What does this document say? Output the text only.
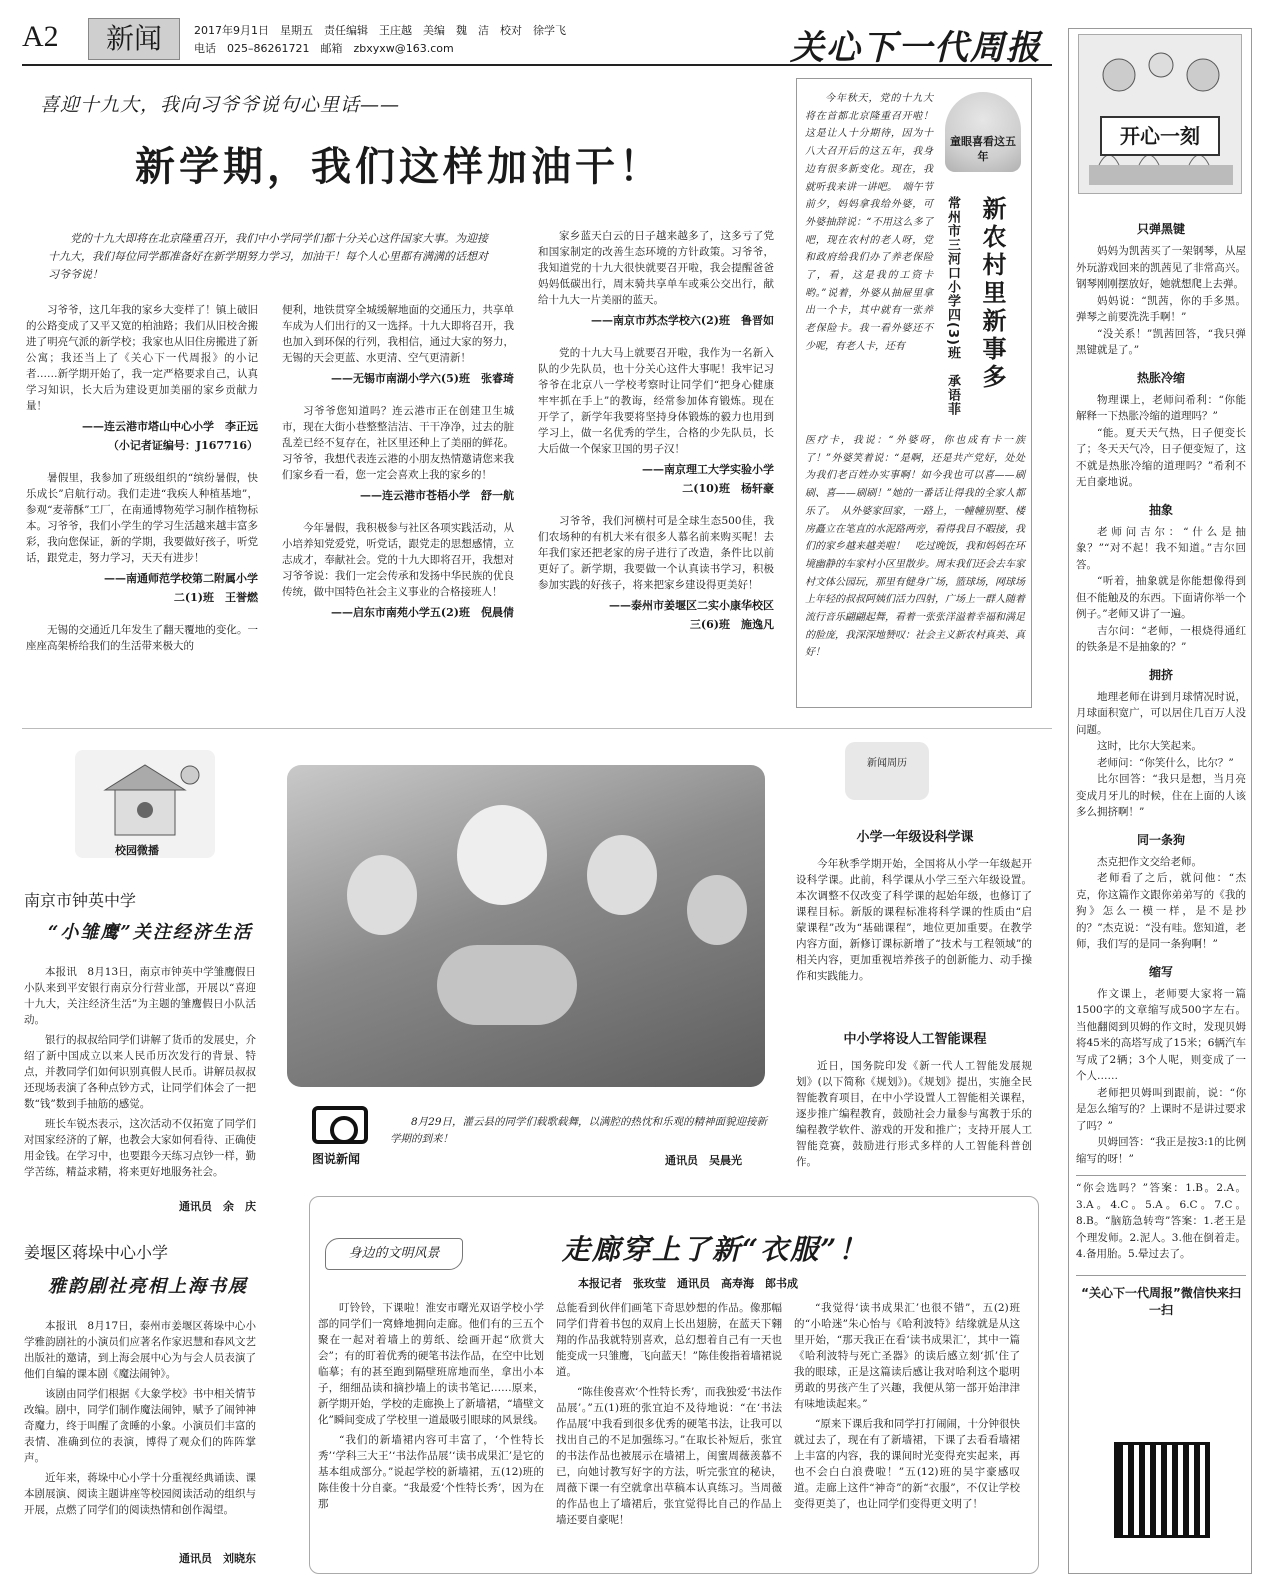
A2	新闻	2017年9月1日　星期五　责任编辑　王庄越　美编　魏　洁　校对　徐学飞
电话　025–86261721　邮箱　zbxyxw@163.com	关心下一代周报
喜迎十九大，我向习爷爷说句心里话——
新学期，我们这样加油干！
党的十九大即将在北京隆重召开，我们中小学同学们都十分关心这件国家大事。为迎接十九大，我们每位同学都准备好在新学期努力学习，加油干！每个人心里都有满满的话想对习爷爷说！

习爷爷，这几年我的家乡大变样了！镇上破旧的公路变成了又平又宽的柏油路；我们从旧校舍搬进了明亮气派的新学校；我家也从旧住房搬进了新公寓；我还当上了《关心下一代周报》的小记者……新学期开始了，我一定严格要求自己，认真学习知识，长大后为建设更加美丽的家乡贡献力量！

——连云港市塔山中心小学　李正远

（小记者证编号：J167716）

暑假里，我参加了班级组织的“缤纷暑假，快乐成长”启航行动。我们走进“我疾人种植基地”，参观“麦蒂酥”工厂，在南通博物苑学习制作植物标本。习爷爷，我们小学生的学习生活越来越丰富多彩，我向您保证，新的学期，我要做好孩子，听党话，跟党走，努力学习，天天有进步！

——南通师范学校第二附属小学

二(1)班　王誉燃

无锡的交通近几年发生了翻天覆地的变化。一座座高架桥给我们的生活带来极大的

便利，地铁贯穿全城缓解地面的交通压力，共享单车成为人们出行的又一选择。十九大即将召开，我也加入到环保的行列，我相信，通过大家的努力，无锡的天会更蓝、水更清、空气更清新！

——无锡市南湖小学六(5)班　张睿琦

习爷爷您知道吗？连云港市正在创建卫生城市，现在大街小巷整整洁洁、干干净净，过去的脏乱差已经不复存在，社区里还种上了美丽的鲜花。习爷爷，我想代表连云港的小朋友热情邀请您来我们家乡看一看，您一定会喜欢上我的家乡的！

——连云港市苍梧小学　舒一航

今年暑假，我积极参与社区各项实践活动，从小培养知党爱党，听党话，跟党走的思想感情，立志成才，奉献社会。党的十九大即将召开，我想对习爷爷说：我们一定会传承和发扬中华民族的优良传统，做中国特色社会主义事业的合格接班人！

——启东市南苑小学五(2)班　倪晨倩

家乡蓝天白云的日子越来越多了，这多亏了党和国家制定的改善生态环境的方针政策。习爷爷，我知道党的十九大很快就要召开啦，我会提醒爸爸妈妈低碳出行，周末骑共享单车或乘公交出行，献给十九大一片美丽的蓝天。

——南京市苏杰学校六(2)班　鲁晋如

党的十九大马上就要召开啦，我作为一名新入队的少先队员，也十分关心这件大事呢！我牢记习爷爷在北京八一学校考察时让同学们“把身心健康牢牢抓在手上”的教诲，经常参加体育锻炼。现在开学了，新学年我要将坚持身体锻炼的毅力也用到学习上，做一名优秀的学生，合格的少先队员，长大后做一个保家卫国的男子汉！

——南京理工大学实验小学

二(10)班　杨轩豪

习爷爷，我们河横村可是全球生态500佳，我们农场种的有机大米有很多人慕名前来购买呢！去年我们家还把老家的房子进行了改造，条件比以前更好了。新学期，我要做一个认真读书学习，积极参加实践的好孩子，将来把家乡建设得更美好！

——泰州市姜堰区二实小康华校区

三(6)班　施逸凡

今年秋天，党的十九大将在首都北京隆重召开啦！这是让人十分期待，因为十八大召开后的这五年，我身边有很多新变化。现在，我就听我来讲一讲吧。　端午节前夕，妈妈拿我给外婆，可外婆抽辞说：“不用这么多了吧，现在农村的老人呀，党和政府给我们办了养老保险了，看，这是我的工资卡哟。”说着，外婆从抽屉里拿出一个卡，其中就有一张养老保险卡。我一看外婆还不少呢，有老人卡，还有
医疗卡，我说：“外婆呀，你也成有卡一族了！”外婆笑着说：“是啊，还是共产党好，处处为我们老百姓办实事啊！如今我也可以喜——刷刷、喜——刷刷！”她的一番话让得我的全家人都乐了。　从外婆家回家，一路上，一幢幢别墅、楼房矗立在笔直的水泥路两旁，看得我目不暇接，我们的家乡越来越美啦！　吃过晚饭，我和妈妈在环境幽静的车家村小区里散步。周末我们还会去车家村文体公园玩，那里有健身广场，篮球场，网球场上年轻的叔叔阿姨们活力四射，广场上一群人随着流行音乐翩翩起舞，看着一张张洋溢着幸福和满足的脸庞，我深深地赞叹：社会主义新农村真美、真好！
童眼喜看这五年
常州市三河口小学四(3)班　承语菲 新农村里新事多
开心一刻
只弹黑键

妈妈为凯茜买了一架钢琴，从屋外玩游戏回来的凯茜见了非常高兴。钢琴刚刚摆放好，她就想爬上去弹。

妈妈说：“凯茜，你的手多黑。弹琴之前要洗洗手啊！”

“没关系！”凯茜回答，“我只弹黑键就是了。”

热胀冷缩

物理课上，老师问希利：“你能解释一下热胀冷缩的道理吗？”

“能。夏天天气热，日子便变长了；冬天天气冷，日子便变短了，这不就是热胀冷缩的道理吗？”希利不无自豪地说。

抽象

老师问吉尔：“什么是抽象？”“对不起！我不知道。”吉尔回答。

“听着，抽象就是你能想像得到但不能触及的东西。下面请你举一个例子。”老师又讲了一遍。

吉尔问：“老师，一根烧得通红的铁条是不是抽象的？”

拥挤

地理老师在讲到月球情况时说，月球面积宽广，可以居住几百万人没问题。

这时，比尔大笑起来。

老师问：“你笑什么，比尔？”

比尔回答：“我只是想，当月亮变成月牙儿的时候，住在上面的人该多么拥挤啊！”

同一条狗

杰克把作文交给老师。

老师看了之后，就问他：“杰克，你这篇作文跟你弟弟写的《我的狗》怎么一模一样，是不是抄的？”杰克说：“没有哇。您知道，老师，我们写的是同一条狗啊！”

缩写

作文课上，老师要大家将一篇1500字的文章缩写成500字左右。当他翻阅到贝姆的作文时，发现贝姆将45米的高塔写成了15米；6辆汽车写成了2辆；3个人呢，则变成了一个人……

老师把贝姆叫到跟前，说：“你是怎么缩写的？上课时不是讲过要求了吗？”

贝姆回答：“我正是按3:1的比例缩写的呀！”

“你会选吗？”答案：1.B。2.A。3.A。4.C。5.A。6.C。7.C。8.B。“脑筋急转弯”答案：1.老王是个理发师。2.泥人。3.他在倒着走。4.备用胎。5.晕过去了。

“关心下一代周报”微信快来扫一扫
校园微播
南京市钟英中学
“小雏鹰”关注经济生活

本报讯　8月13日，南京市钟英中学雏鹰假日小队来到平安银行南京分行营业部，开展以“喜迎十九大，关注经济生活”为主题的雏鹰假日小队活动。

银行的叔叔给同学们讲解了货币的发展史，介绍了新中国成立以来人民币历次发行的背景、特点，并教同学们如何识别真假人民币。讲解员叔叔还现场表演了各种点钞方式，让同学们体会了一把数“钱”数到手抽筋的感觉。

班长车锐杰表示，这次活动不仅拓宽了同学们对国家经济的了解，也教会大家如何看待、正确使用金钱。在学习中，也要跟今天练习点钞一样，勤学苦练，精益求精，将来更好地服务社会。

通讯员　余　庆
姜堰区蒋垛中心小学
雅韵剧社亮相上海书展

本报讯　8月17日，泰州市姜堰区蒋垛中心小学雅韵剧社的小演员们应著名作家迟慧和春风文艺出版社的邀请，到上海会展中心为与会人员表演了他们自编的课本剧《魔法闹钟》。

该剧由同学们根据《大象学校》书中相关情节改编。剧中，同学们制作魔法闹钟，赋予了闹钟神奇魔力，终于叫醒了贪睡的小象。小演员们丰富的表情、准确到位的表演，博得了观众们的阵阵掌声。

近年来，蒋垛中心小学十分重视经典诵读、课本剧展演、阅读主题讲座等校园阅读活动的组织与开展，点燃了同学们的阅读热情和创作渴望。

通讯员　刘晓东
图说新闻
8月29日，灌云县的同学们载歌载舞，以满腔的热忱和乐观的精神面貌迎接新学期的到来！
通讯员　吴晨光
新闻周历
小学一年级设科学课
今年秋季学期开始，全国将从小学一年级起开设科学课。此前，科学课从小学三至六年级设置。本次调整不仅改变了科学课的起始年级，也修订了课程目标。新版的课程标准将科学课的性质由“启蒙课程”改为“基础课程”，地位更加重要。在教学内容方面，新修订课标新增了“技术与工程领域”的相关内容，更加重视培养孩子的创新能力、动手操作和实践能力。
中小学将设人工智能课程
近日，国务院印发《新一代人工智能发展规划》(以下简称《规划》)。《规划》提出，实施全民智能教育项目，在中小学设置人工智能相关课程，逐步推广编程教育，鼓励社会力量参与寓教于乐的编程教学软件、游戏的开发和推广；支持开展人工智能竞赛，鼓励进行形式多样的人工智能科普创作。
身边的文明风景	走廊穿上了新“衣服”！
本报记者　张玫莹　通讯员　高寿海　郎书成

叮铃铃，下课啦！淮安市曙光双语学校小学部的同学们一窝蜂地拥向走廊。他们有的三五个聚在一起对着墙上的剪纸、绘画开起“欣赏大会”；有的盯着优秀的硬笔书法作品，在空中比划临摹；有的甚至跑到隔壁班席地而坐，拿出小本子，细细品读和摘抄墙上的读书笔记……原来，新学期开始，学校的走廊换上了新墙裙，“墙壁文化”瞬间变成了学校里一道最吸引眼球的风景线。

“我们的新墙裙内容可丰富了，‘个性特长秀’‘学科三大王’‘书法作品展’‘读书成果汇’是它的基本组成部分。”说起学校的新墙裙，五(12)班的陈佳俊十分自豪。“我最爱‘个性特长秀’，因为在那

总能看到伙伴们画笔下奇思妙想的作品。像那幅同学们背着书包的双肩上长出翅膀，在蓝天下翱翔的作品我就特别喜欢，总幻想着自己有一天也能变成一只雏鹰，飞向蓝天！”陈佳俊指着墙裙说道。

“陈佳俊喜欢‘个性特长秀’，而我独爱‘书法作品展’。”五(1)班的张宜迫不及待地说：“在‘书法作品展’中我看到很多优秀的硬笔书法，让我可以找出自己的不足加强练习。”在取长补短后，张宜的书法作品也被展示在墙裙上，闺蜜周薇羡慕不已，向她讨教写好字的方法，听完张宜的秘诀，周薇下课一有空就拿出草稿本认真练习。当周薇的作品也上了墙裙后，张宜觉得比自己的作品上墙还要自豪呢！

“我觉得‘读书成果汇’也很不错”，五(2)班的“小哈迷”朱心怡与《哈利波特》结缘就是从这里开始，“那天我正在看‘读书成果汇’，其中一篇《哈利波特与死亡圣器》的读后感立刻‘抓’住了我的眼球，正是这篇读后感让我对哈利这个聪明勇敢的男孩产生了兴趣，我便从第一部开始津津有味地读起来。”

“原来下课后我和同学打打闹闹，十分钟很快就过去了，现在有了新墙裙，下课了去看看墙裙上丰富的内容，我的课间时光变得充实起来，再也不会白白浪费啦！”五(12)班的吴宇豪感叹道。走廊上这件“神奇”的新“衣服”，不仅让学校变得更美了，也让同学们变得更文明了！
